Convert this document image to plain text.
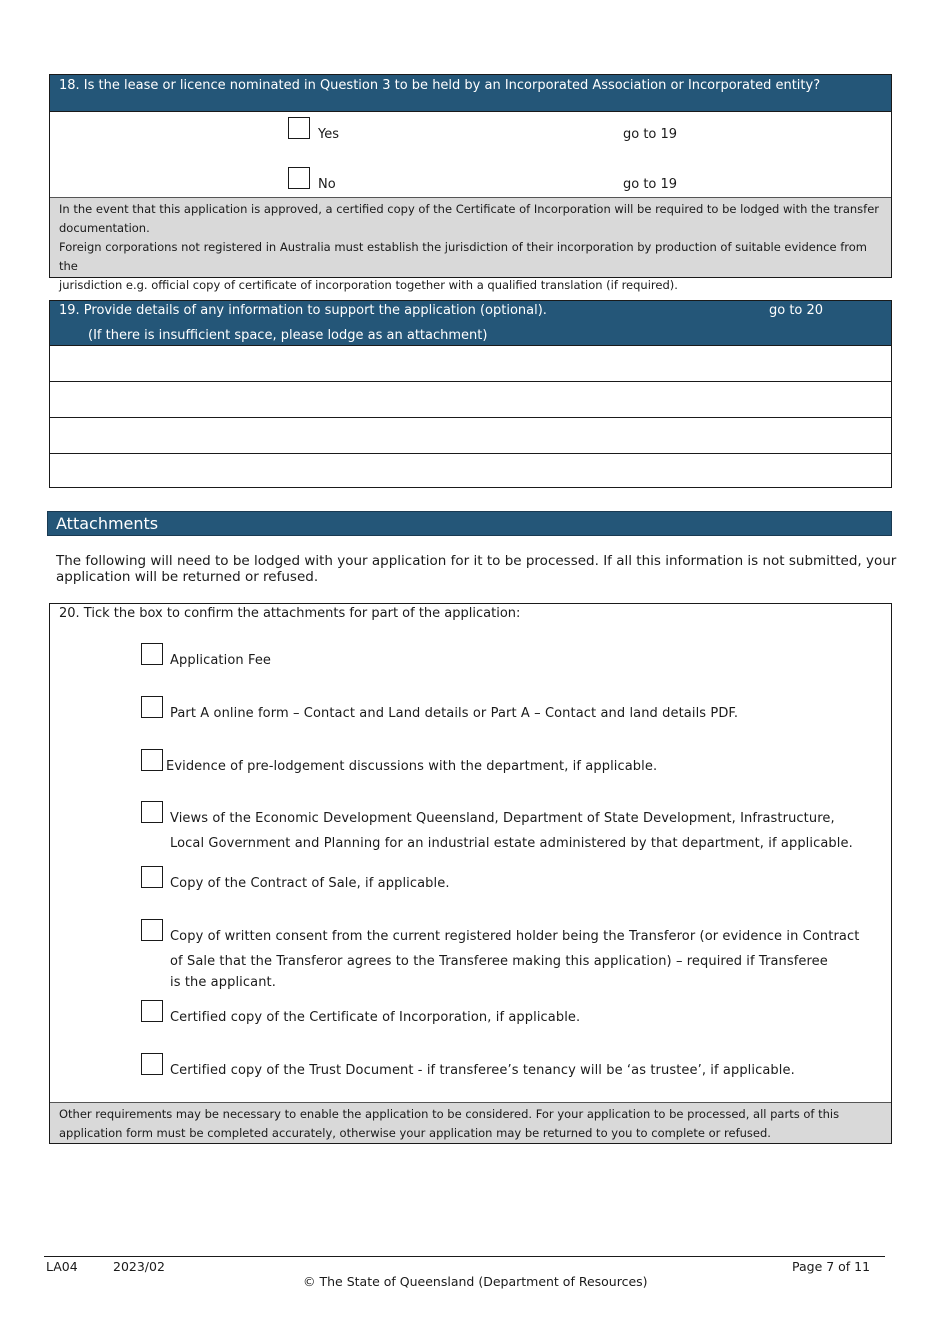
18. Is the lease or licence nominated in Question 3 to be held by an Incorporated Association or Incorporated entity?
Yes	go to 19
No	go to 19
In the event that this application is approved, a certified copy of the Certificate of Incorporation will be required to be lodged with the transfer
documentation.
Foreign corporations not registered in Australia must establish the jurisdiction of their incorporation by production of suitable evidence from the
jurisdiction e.g. official copy of certificate of incorporation together with a qualified translation (if required).
19. Provide details of any information to support the application (optional).	go to 20
(If there is insufficient space, please lodge as an attachment)
Attachments
The following will need to be lodged with your application for it to be processed. If all this information is not submitted, your
application will be returned or refused.
20. Tick the box to confirm the attachments for part of the application:
Application Fee
Part A online form – Contact and Land details or Part A – Contact and land details PDF.
Evidence of pre-lodgement discussions with the department, if applicable.
Views of the Economic Development Queensland, Department of State Development, Infrastructure,
Local Government and Planning for an industrial estate administered by that department, if applicable.
Copy of the Contract of Sale, if applicable.
Copy of written consent from the current registered holder being the Transferor (or evidence in Contract
of Sale that the Transferor agrees to the Transferee making this application) – required if Transferee
is the applicant.
Certified copy of the Certificate of Incorporation, if applicable.
Certified copy of the Trust Document - if transferee’s tenancy will be ‘as trustee’, if applicable.
Other requirements may be necessary to enable the application to be considered. For your application to be processed, all parts of this
application form must be completed accurately, otherwise your application may be returned to you to complete or refused.
LA04	2023/02	Page 7 of 11
© The State of Queensland (Department of Resources)
